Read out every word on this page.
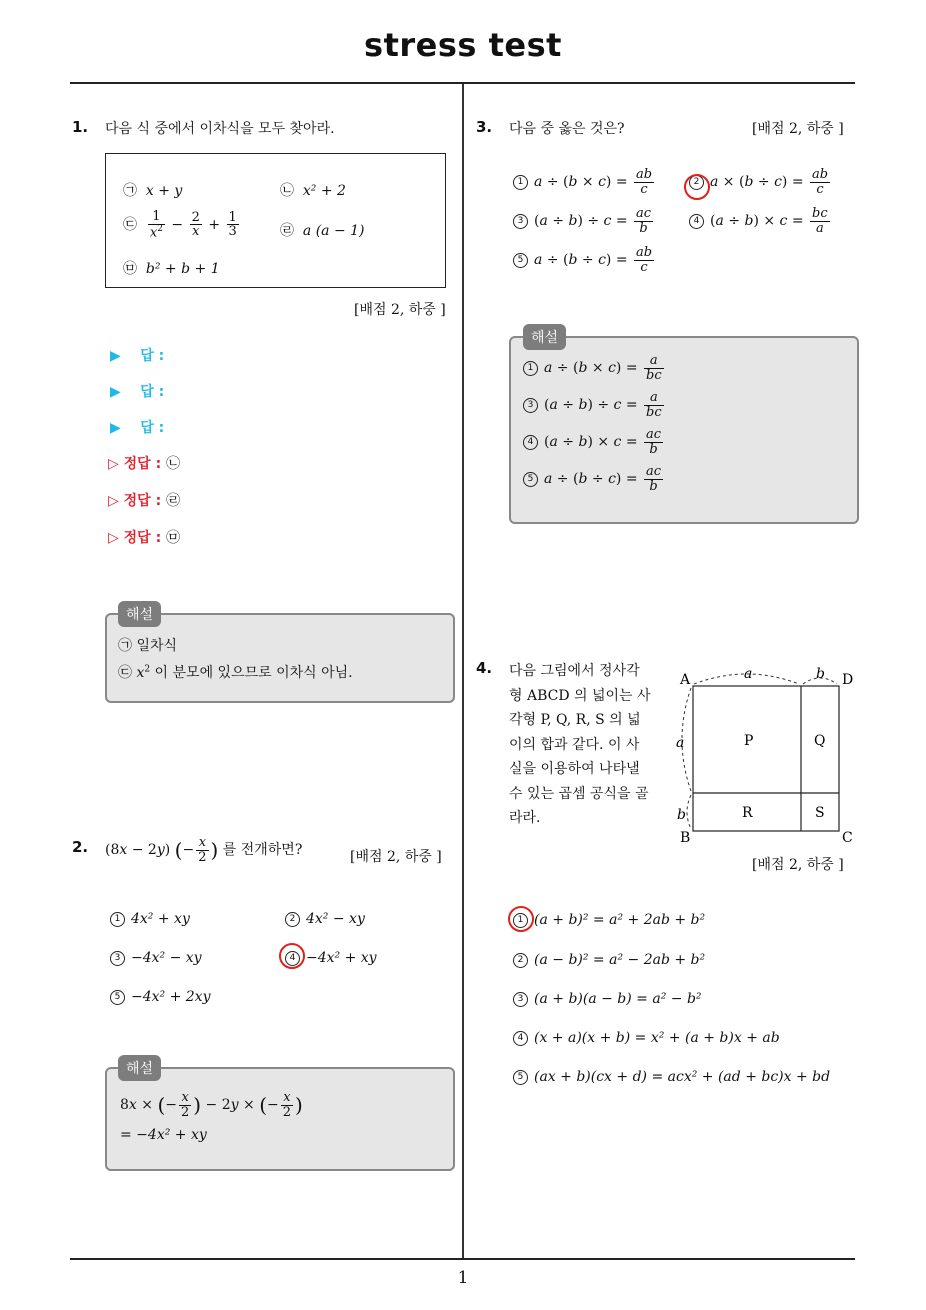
stress test
1
1. 다음 식 중에서 이차식을 모두 찾아라.
㉠ x + y	㉡ x² + 2
㉢ $\frac{1}{x^2} - \frac{2}{x} + \frac{1}{3}$	㉣ a (a − 1)
㉤ b² + b + 1
[배점 2, 하중 ]
▶ 답 :
▶ 답 :
▶ 답 :
▷ 정답 : ㉡
▷ 정답 : ㉣
▷ 정답 : ㉤
㉠ 일차식
㉢ $x^2$ 이 분모에 있으므로 이차식 아님.
해설
2. (8x − 2y) (− $\frac{x}{2}$ ) 를 전개하면?	[배점 2, 하중 ]
1 4x² + xy	2 4x² − xy
3 −4x² − xy	4 −4x² + xy
5 −4x² + 2xy
8x × (− $\frac{x}{2}$ ) − 2y × (− $\frac{x}{2}$ )
= −4x² + xy
해설
3. 다음 중 옳은 것은?	[배점 2, 하중 ]
1 $a \div (b \times c) = \frac{ab}{c}$	2 $a \times (b \div c) = \frac{ab}{c}$
3 $(a \div b) \div c = \frac{ac}{b}$	4 $(a \div b) \times c = \frac{bc}{a}$
5 $a \div (b \div c) = \frac{ab}{c}$
1 $a \div (b \times c) = \frac{a}{bc}$
3 $(a \div b) \div c = \frac{a}{bc}$
4 $(a \div b) \times c = \frac{ac}{b}$
5 $a \div (b \div c) = \frac{ac}{b}$
해설
4. 다음 그림에서 정사각
형 ABCD 의 넓이는 사
각형 P, Q, R, S 의 넓
이의 합과 같다. 이 사
실을 이용하여 나타낼
수 있는 곱셈 공식을 골
라라.
A
B	C
D
P	Q
R	S
a	b
a
b
[배점 2, 하중 ]
1 (a + b)² = a² + 2ab + b²
2 (a − b)² = a² − 2ab + b²
3 (a + b)(a − b) = a² − b²
4 (x + a)(x + b) = x² + (a + b)x + ab
5 (ax + b)(cx + d) = acx² + (ad + bc)x + bd
